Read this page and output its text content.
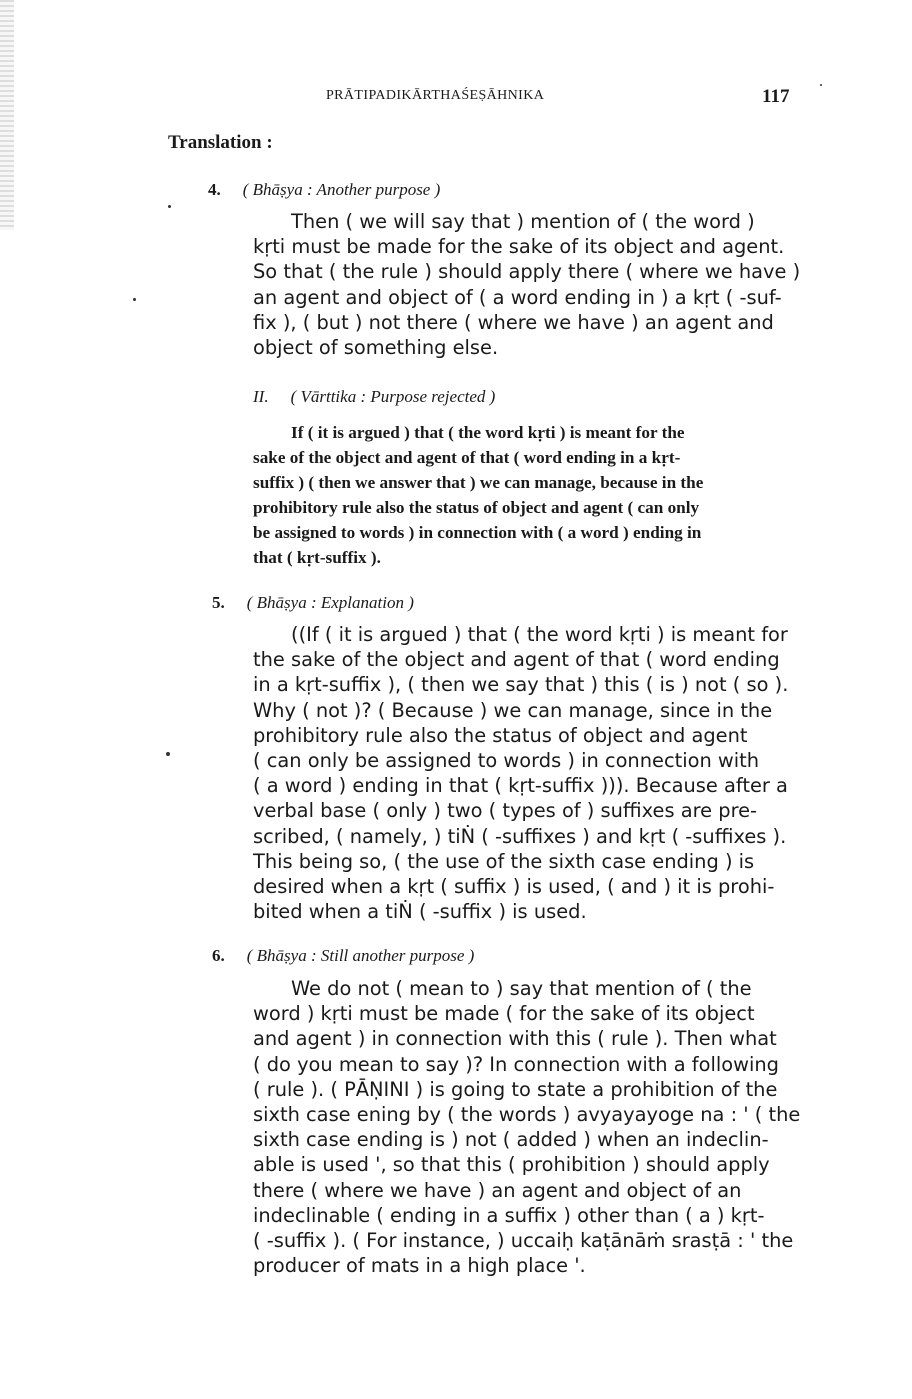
PRĀTIPADIKĀRTHAŚEṢĀHNIKA	117
Translation :
4. ( Bhāṣya : Another purpose )
Then ( we will say that ) mention of ( the word )
kṛti must be made for the sake of its object and agent.
So that ( the rule ) should apply there ( where we have )
an agent and object of ( a word ending in ) a kṛt ( -suf-
fix ), ( but ) not there ( where we have ) an agent and
object of something else.
II. ( Vārttika : Purpose rejected )
If ( it is argued ) that ( the word kṛti ) is meant for the
sake of the object and agent of that ( word ending in a kṛt-
suffix ) ( then we answer that ) we can manage, because in the
prohibitory rule also the status of object and agent ( can only
be assigned to words ) in connection with ( a word ) ending in
that ( kṛt-suffix ).
5. ( Bhāṣya : Explanation )
((If ( it is argued ) that ( the word kṛti ) is meant for
the sake of the object and agent of that ( word ending
in a kṛt-suffix ), ( then we say that ) this ( is ) not ( so ).
Why ( not )? ( Because ) we can manage, since in the
prohibitory rule also the status of object and agent
( can only be assigned to words ) in connection with
( a word ) ending in that ( kṛt-suffix ))). Because after a
verbal base ( only ) two ( types of ) suffixes are pre-
scribed, ( namely, ) tiṄ ( -suffixes ) and kṛt ( -suffixes ).
This being so, ( the use of the sixth case ending ) is
desired when a kṛt ( suffix ) is used, ( and ) it is prohi-
bited when a tiṄ ( -suffix ) is used.
6. ( Bhāṣya : Still another purpose )
We do not ( mean to ) say that mention of ( the
word ) kṛti must be made ( for the sake of its object
and agent ) in connection with this ( rule ). Then what
( do you mean to say )? In connection with a following
( rule ). ( PĀṆINI ) is going to state a prohibition of the
sixth case ening by ( the words ) avyayayoge na : ' ( the
sixth case ending is ) not ( added ) when an indeclin-
able is used ', so that this ( prohibition ) should apply
there ( where we have ) an agent and object of an
indeclinable ( ending in a suffix ) other than ( a ) kṛt-
( -suffix ). ( For instance, ) uccaiḥ kaṭānāṁ srasṭā : ' the
producer of mats in a high place '.
